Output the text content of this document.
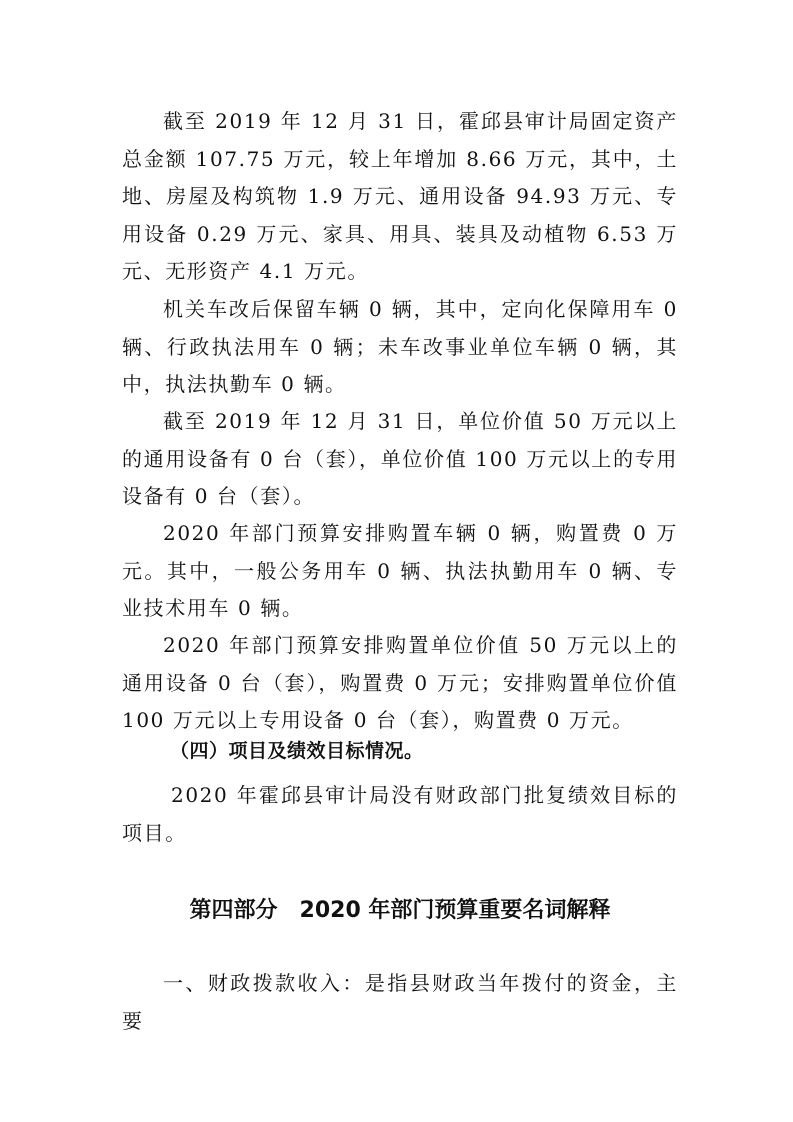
截至 2019 年 12 月 31 日，霍邱县审计局固定资产总金额 107.75 万元，较上年增加 8.66 万元，其中，土地、房屋及构筑物 1.9 万元、通用设备 94.93 万元、专用设备 0.29 万元、家具、用具、装具及动植物 6.53 万元、无形资产 4.1 万元。

机关车改后保留车辆 0 辆，其中，定向化保障用车 0 辆、行政执法用车 0 辆；未车改事业单位车辆 0 辆，其中，执法执勤车 0 辆。

截至 2019 年 12 月 31 日，单位价值 50 万元以上的通用设备有 0 台（套），单位价值 100 万元以上的专用设备有 0 台（套）。

2020 年部门预算安排购置车辆 0 辆，购置费 0 万元。其中，一般公务用车 0 辆、执法执勤用车 0 辆、专业技术用车 0 辆。

2020 年部门预算安排购置单位价值 50 万元以上的通用设备 0 台（套），购置费 0 万元；安排购置单位价值 100 万元以上专用设备 0 台（套），购置费 0 万元。

（四）项目及绩效目标情况。

2020 年霍邱县审计局没有财政部门批复绩效目标的项目。

第四部分　2020 年部门预算重要名词解释

一、财政拨款收入：是指县财政当年拨付的资金，主要
